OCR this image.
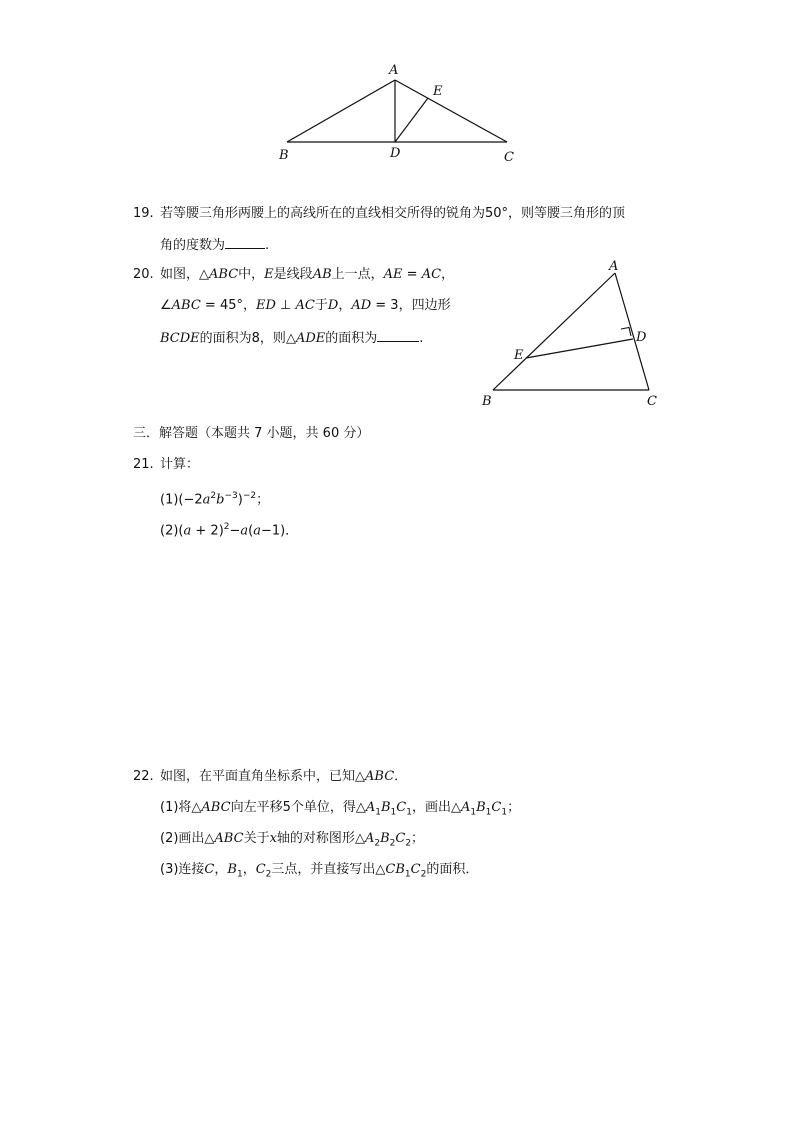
A
E
B	D	C
19. 若等腰三角形两腰上的高线所在的直线相交所得的锐角为50°，则等腰三角形的顶
角的度数为	.
20. 如图，△ABC中，E是线段AB上一点，AE = AC，
∠ABC = 45°，ED ⊥ AC于D，AD = 3，四边形
BCDE的面积为8，则△ADE的面积为	.
A
D
E
B	C
三．解答题（本题共 7 小题，共 60 分）
21. 计算：
$(1)(-2a^2b^{-3})^{-2}$；
$(2)(a + 2)^2-a(a-1)$．
22. 如图，在平面直角坐标系中，已知△ABC．
(1)将△ABC向左平移5个单位，得$\triangle A_1B_1C_1$，画出$\triangle A_1B_1C_1$；
(2)画出△ABC关于x轴的对称图形$\triangle A_2B_2C_2$；
(3)连接C，$B_1$，$C_2$三点，并直接写出$\triangle CB_1C_2$的面积．
